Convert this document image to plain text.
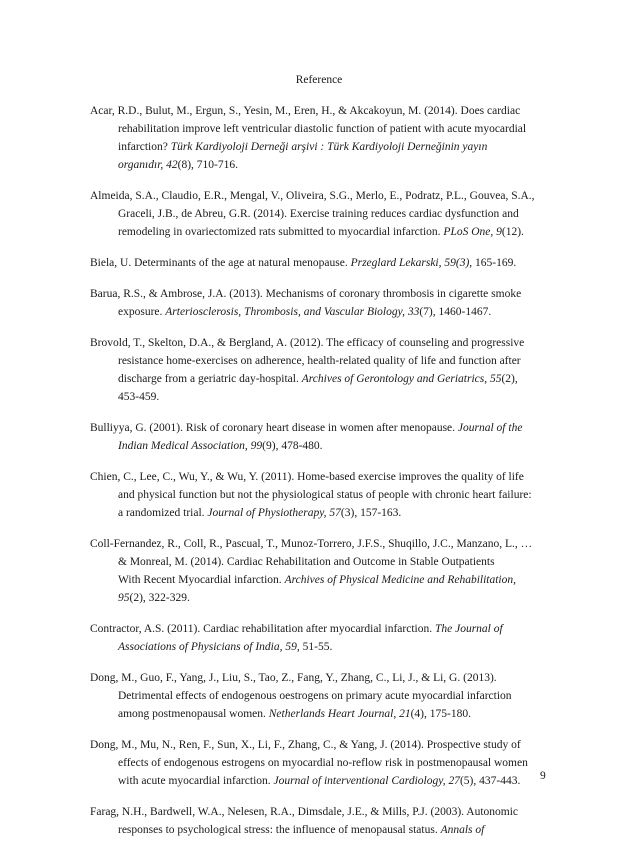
Reference
Acar, R.D., Bulut, M., Ergun, S., Yesin, M., Eren, H., & Akcakoyun, M. (2014). Does cardiac
rehabilitation improve left ventricular diastolic function of patient with acute myocardial
infarction? Türk Kardiyoloji Derneği arşivi : Türk Kardiyoloji Derneğinin yayın
organıdır, 42(8), 710-716.
Almeida, S.A., Claudio, E.R., Mengal, V., Oliveira, S.G., Merlo, E., Podratz, P.L., Gouvea, S.A.,
Graceli, J.B., de Abreu, G.R. (2014). Exercise training reduces cardiac dysfunction and
remodeling in ovariectomized rats submitted to myocardial infarction. PLoS One, 9(12).
Biela, U. Determinants of the age at natural menopause. Przeglard Lekarski, 59(3), 165-169.
Barua, R.S., & Ambrose, J.A. (2013). Mechanisms of coronary thrombosis in cigarette smoke
exposure. Arteriosclerosis, Thrombosis, and Vascular Biology, 33(7), 1460-1467.
Brovold, T., Skelton, D.A., & Bergland, A. (2012). The efficacy of counseling and progressive
resistance home-exercises on adherence, health-related quality of life and function after
discharge from a geriatric day-hospital. Archives of Gerontology and Geriatrics, 55(2),
453-459.
Bulliyya, G. (2001). Risk of coronary heart disease in women after menopause. Journal of the
Indian Medical Association, 99(9), 478-480.
Chien, C., Lee, C., Wu, Y., & Wu, Y. (2011). Home-based exercise improves the quality of life
and physical function but not the physiological status of people with chronic heart failure:
a randomized trial. Journal of Physiotherapy, 57(3), 157-163.
Coll-Fernandez, R., Coll, R., Pascual, T., Munoz-Torrero, J.F.S., Shuqillo, J.C., Manzano, L., …
& Monreal, M. (2014). Cardiac Rehabilitation and Outcome in Stable Outpatients
With Recent Myocardial infarction. Archives of Physical Medicine and Rehabilitation,
95(2), 322-329.
Contractor, A.S. (2011). Cardiac rehabilitation after myocardial infarction. The Journal of
Associations of Physicians of India, 59, 51-55.
Dong, M., Guo, F., Yang, J., Liu, S., Tao, Z., Fang, Y., Zhang, C., Li, J., & Li, G. (2013).
Detrimental effects of endogenous oestrogens on primary acute myocardial infarction
among postmenopausal women. Netherlands Heart Journal, 21(4), 175-180.
Dong, M., Mu, N., Ren, F., Sun, X., Li, F., Zhang, C., & Yang, J. (2014). Prospective study of
effects of endogenous estrogens on myocardial no-reflow risk in postmenopausal women
with acute myocardial infarction. Journal of interventional Cardiology, 27(5), 437-443.
Farag, N.H., Bardwell, W.A., Nelesen, R.A., Dimsdale, J.E., & Mills, P.J. (2003). Autonomic
responses to psychological stress: the influence of menopausal status. Annals of
9
